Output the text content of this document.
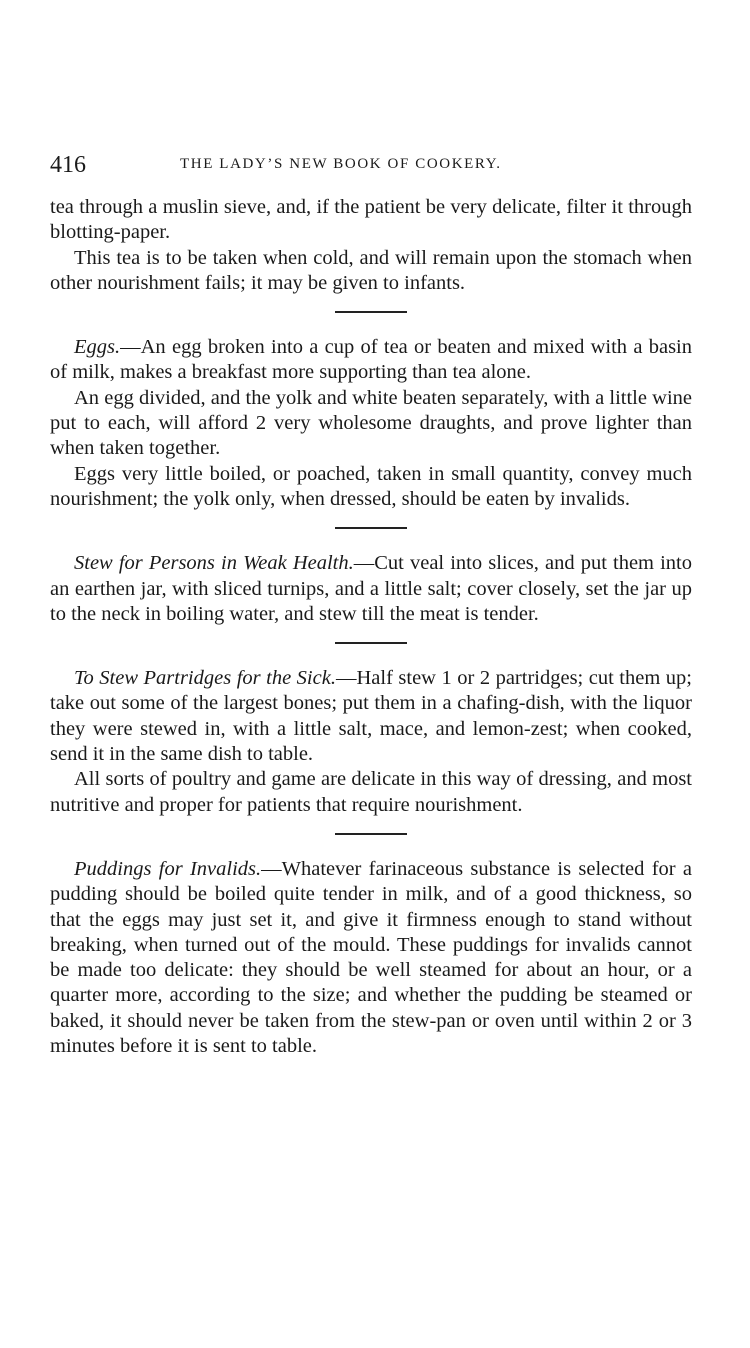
416	THE LADY’S NEW BOOK OF COOKERY.

tea through a muslin sieve, and, if the patient be very delicate, filter it through blotting-paper.

This tea is to be taken when cold, and will remain upon the stomach when other nourishment fails; it may be given to infants.

Eggs.—An egg broken into a cup of tea or beaten and mixed with a basin of milk, makes a breakfast more supporting than tea alone.

An egg divided, and the yolk and white beaten separately, with a little wine put to each, will afford 2 very wholesome draughts, and prove lighter than when taken together.

Eggs very little boiled, or poached, taken in small quantity, convey much nourishment; the yolk only, when dressed, should be eaten by invalids.

Stew for Persons in Weak Health.—Cut veal into slices, and put them into an earthen jar, with sliced turnips, and a little salt; cover closely, set the jar up to the neck in boiling water, and stew till the meat is tender.

To Stew Partridges for the Sick.—Half stew 1 or 2 partridges; cut them up; take out some of the largest bones; put them in a chafing-dish, with the liquor they were stewed in, with a little salt, mace, and lemon-zest; when cooked, send it in the same dish to table.

All sorts of poultry and game are delicate in this way of dressing, and most nutritive and proper for patients that require nourishment.

Puddings for Invalids.—Whatever farinaceous substance is selected for a pudding should be boiled quite tender in milk, and of a good thickness, so that the eggs may just set it, and give it firmness enough to stand without breaking, when turned out of the mould. These puddings for invalids cannot be made too delicate: they should be well steamed for about an hour, or a quarter more, according to the size; and whether the pudding be steamed or baked, it should never be taken from the stew-pan or oven until within 2 or 3 minutes before it is sent to table.
